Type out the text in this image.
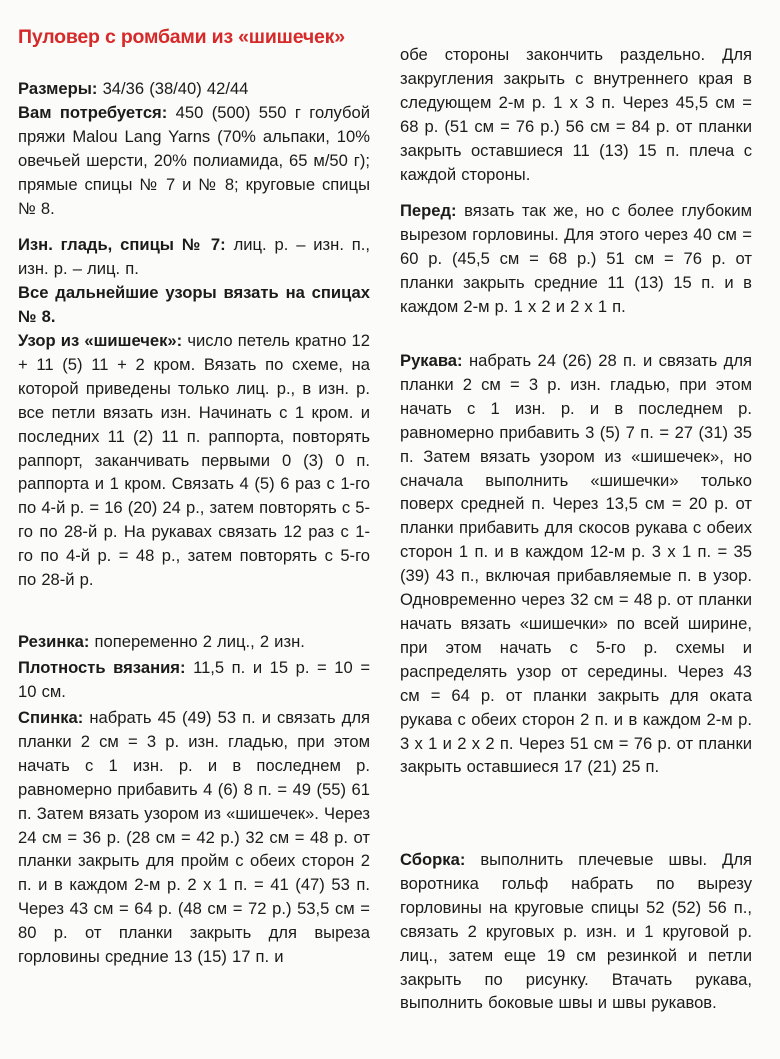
Пуловер с ромбами из «шишечек»
Размеры: 34/36 (38/40) 42/44
Вам потребуется: 450 (500) 550 г голубой пряжи Malou Lang Yarns (70% альпаки, 10% овечьей шерсти, 20% полиамида, 65 м/50 г); прямые спицы № 7 и № 8; круговые спицы № 8.
Изн. гладь, спицы № 7: лиц. р. – изн. п., изн. р. – лиц. п.
Все дальнейшие узоры вязать на спицах № 8.
Узор из «шишечек»: число петель кратно 12 + 11 (5) 11 + 2 кром. Вязать по схеме, на которой приведены только лиц. р., в изн. р. все петли вязать изн. Начинать с 1 кром. и последних 11 (2) 11 п. раппорта, повторять раппорт, заканчивать первыми 0 (3) 0 п. раппорта и 1 кром. Связать 4 (5) 6 раз с 1-го по 4-й р. = 16 (20) 24 р., затем повторять с 5-го по 28-й р. На рукавах связать 12 раз с 1-го по 4-й р. = 48 р., затем повторять с 5-го по 28-й р.
Резинка: попеременно 2 лиц., 2 изн.
Плотность вязания: 11,5 п. и 15 р. = 10 = 10 см.
Спинка: набрать 45 (49) 53 п. и связать для планки 2 см = 3 р. изн. гладью, при этом начать с 1 изн. р. и в последнем р. равномерно прибавить 4 (6) 8 п. = 49 (55) 61 п. Затем вязать узором из «шишечек». Через 24 см = 36 р. (28 см = 42 р.) 32 см = 48 р. от планки закрыть для пройм с обеих сторон 2 п. и в каждом 2-м р. 2 х 1 п. = 41 (47) 53 п. Через 43 см = 64 р. (48 см = 72 р.) 53,5 см = 80 р. от планки закрыть для выреза горловины средние 13 (15) 17 п. и
обе стороны закончить раздельно. Для закругления закрыть с внутреннего края в следующем 2-м р. 1 х 3 п. Через 45,5 см = 68 р. (51 см = 76 р.) 56 см = 84 р. от планки закрыть оставшиеся 11 (13) 15 п. плеча с каждой стороны.
Перед: вязать так же, но с более глубоким вырезом горловины. Для этого через 40 см = 60 р. (45,5 см = 68 р.) 51 см = 76 р. от планки закрыть средние 11 (13) 15 п. и в каждом 2-м р. 1 х 2 и 2 х 1 п.
Рукава: набрать 24 (26) 28 п. и связать для планки 2 см = 3 р. изн. гладью, при этом начать с 1 изн. р. и в последнем р. равномерно прибавить 3 (5) 7 п. = 27 (31) 35 п. Затем вязать узором из «шишечек», но сначала выполнить «шишечки» только поверх средней п. Через 13,5 см = 20 р. от планки прибавить для скосов рукава с обеих сторон 1 п. и в каждом 12-м р. 3 х 1 п. = 35 (39) 43 п., включая прибавляемые п. в узор. Одновременно через 32 см = 48 р. от планки начать вязать «шишечки» по всей ширине, при этом начать с 5-го р. схемы и распределять узор от середины. Через 43 см = 64 р. от планки закрыть для оката рукава с обеих сторон 2 п. и в каждом 2-м р. 3 х 1 и 2 х 2 п. Через 51 см = 76 р. от планки закрыть оставшиеся 17 (21) 25 п.
Сборка: выполнить плечевые швы. Для воротника гольф набрать по вырезу горловины на круговые спицы 52 (52) 56 п., связать 2 круговых р. изн. и 1 круговой р. лиц., затем еще 19 см резинкой и петли закрыть по рисунку. Втачать рукава, выполнить боковые швы и швы рукавов.
